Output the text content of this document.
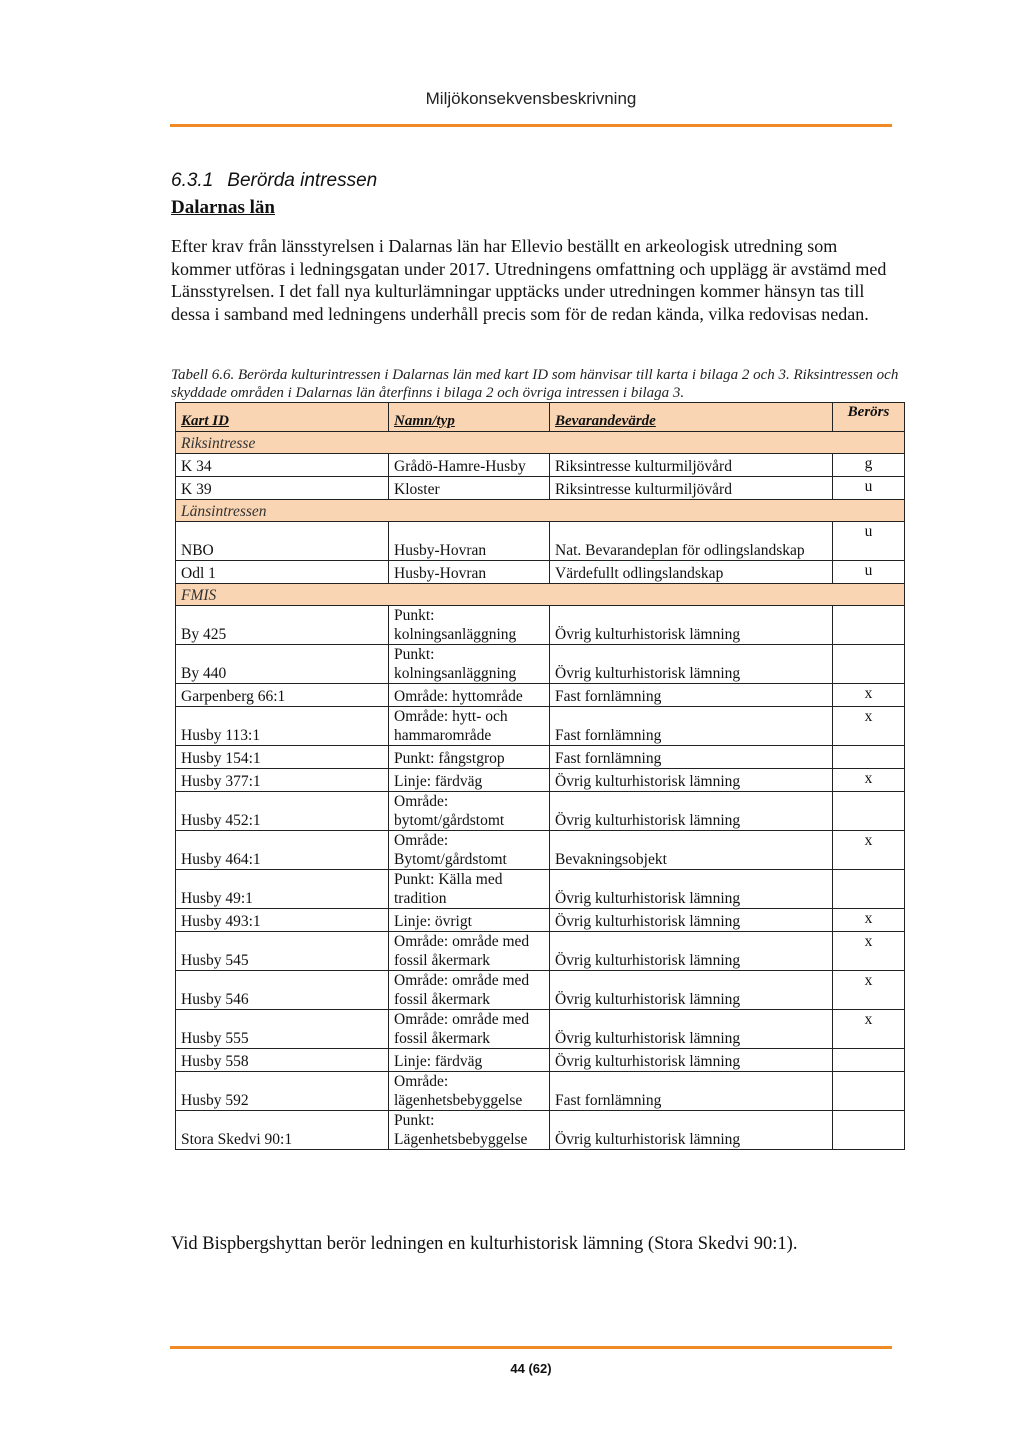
Miljökonsekvensbeskrivning
6.3.1 Berörda intressen
Dalarnas län

Efter krav från länsstyrelsen i Dalarnas län har Ellevio beställt en arkeologisk utredning som kommer utföras i ledningsgatan under 2017. Utredningens omfattning och upplägg är avstämd med Länsstyrelsen. I det fall nya kulturlämningar upptäcks under utredningen kommer hänsyn tas till dessa i samband med ledningens underhåll precis som för de redan kända, vilka redovisas nedan.

Tabell 6.6. Berörda kulturintressen i Dalarnas län med kart ID som hänvisar till karta i bilaga 2 och 3. Riksintressen och skyddade områden i Dalarnas län återfinns i bilaga 2 och övriga intressen i bilaga 3.

Kart ID	Namn/typ	Bevarandevärde	Berörs
Riksintresse			
K 34	Grådö-Hamre-Husby	Riksintresse kulturmiljövård	g
K 39	Kloster	Riksintresse kulturmiljövård	u
Länsintressen			
NBO	Husby-Hovran	Nat. Bevarandeplan för odlingslandskap	u
Odl 1	Husby-Hovran	Värdefullt odlingslandskap	u
FMIS			
By 425	Punkt: kolningsanläggning	Övrig kulturhistorisk lämning	
By 440	Punkt: kolningsanläggning	Övrig kulturhistorisk lämning	
Garpenberg 66:1	Område: hyttområde	Fast fornlämning	x
Husby 113:1	Område: hytt- och hammarområde	Fast fornlämning	x
Husby 154:1	Punkt: fångstgrop	Fast fornlämning	
Husby 377:1	Linje: färdväg	Övrig kulturhistorisk lämning	x
Husby 452:1	Område: bytomt/gårdstomt	Övrig kulturhistorisk lämning	
Husby 464:1	Område: Bytomt/gårdstomt	Bevakningsobjekt	x
Husby 49:1	Punkt: Källa med tradition	Övrig kulturhistorisk lämning	
Husby 493:1	Linje: övrigt	Övrig kulturhistorisk lämning	x
Husby 545	Område: område med fossil åkermark	Övrig kulturhistorisk lämning	x
Husby 546	Område: område med fossil åkermark	Övrig kulturhistorisk lämning	x
Husby 555	Område: område med fossil åkermark	Övrig kulturhistorisk lämning	x
Husby 558	Linje: färdväg	Övrig kulturhistorisk lämning	
Husby 592	Område: lägenhetsbebyggelse	Fast fornlämning	
Stora Skedvi 90:1	Punkt: Lägenhetsbebyggelse	Övrig kulturhistorisk lämning	
Vid Bispbergshyttan berör ledningen en kulturhistorisk lämning (Stora Skedvi 90:1).
44 (62)
